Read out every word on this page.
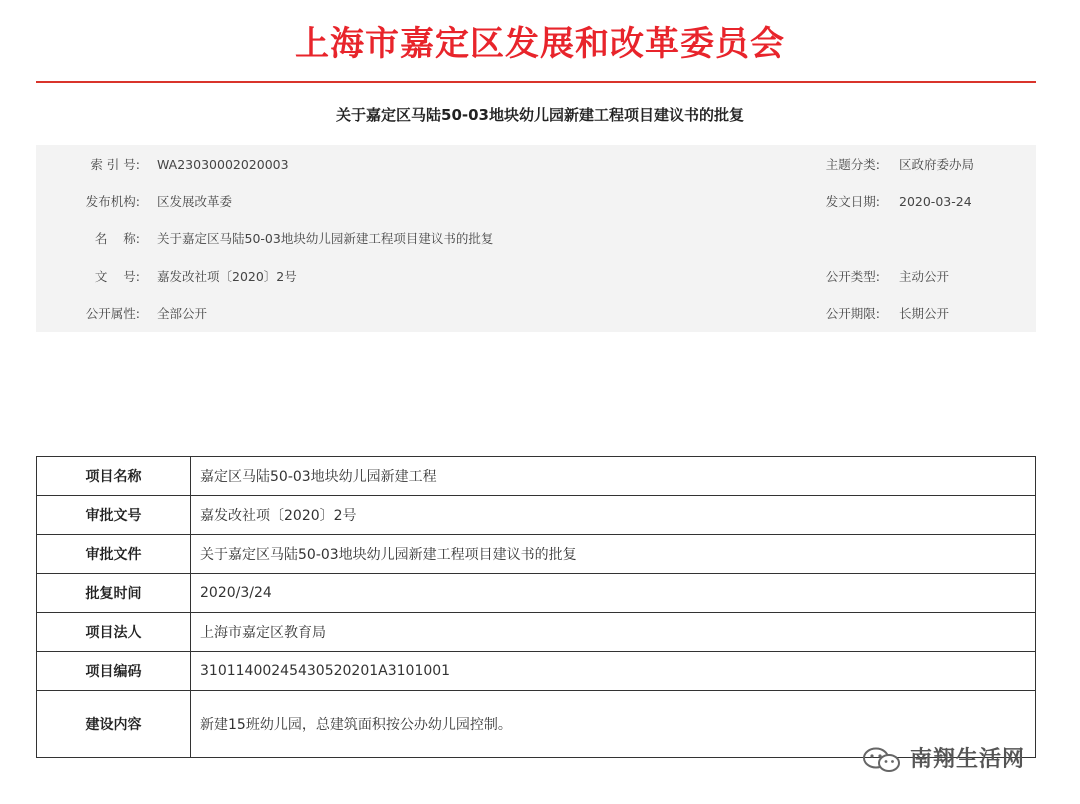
上海市嘉定区发展和改革委员会
关于嘉定区马陆50-03地块幼儿园新建工程项目建议书的批复
索 引 号: WA23030002020003	主题分类: 区政府委办局
发布机构: 区发展改革委	发文日期: 2020-03-24
名    称: 关于嘉定区马陆50-03地块幼儿园新建工程项目建议书的批复
文    号: 嘉发改社项〔2020〕2号	公开类型: 主动公开
公开属性: 全部公开	公开期限: 长期公开
项目名称	嘉定区马陆50-03地块幼儿园新建工程
审批文号	嘉发改社项〔2020〕2号
审批文件	关于嘉定区马陆50-03地块幼儿园新建工程项目建议书的批复
批复时间	2020/3/24
项目法人	上海市嘉定区教育局
项目编码	31011400245430520201A3101001
建设内容	新建15班幼儿园，总建筑面积按公办幼儿园控制。
南翔生活网
